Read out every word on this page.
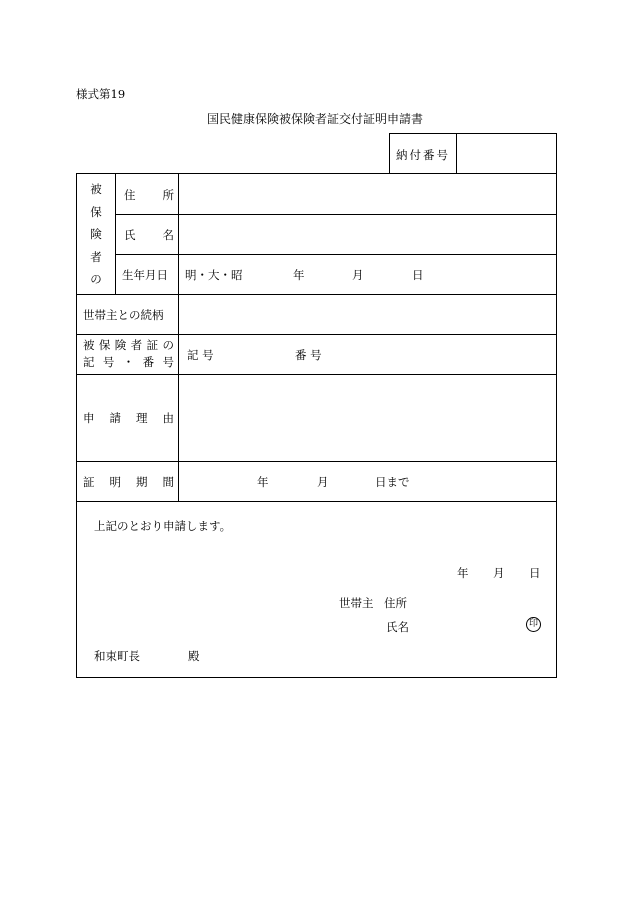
様式第19
国民健康保険被保険者証交付証明申請書
納付番号
被
保
険
者
の
住 所
氏 名
生年月日 明・大・昭	年	月	日
世帯主との続柄
被 保 険 者 証 の
記 号 ・ 番 号 記 号	番 号
申 請 理 由
証 明 期 間	年	月	日まで
上記のとおり申請します。
年 月 日
世帯主 住所
氏名	印
和束町長	殿
